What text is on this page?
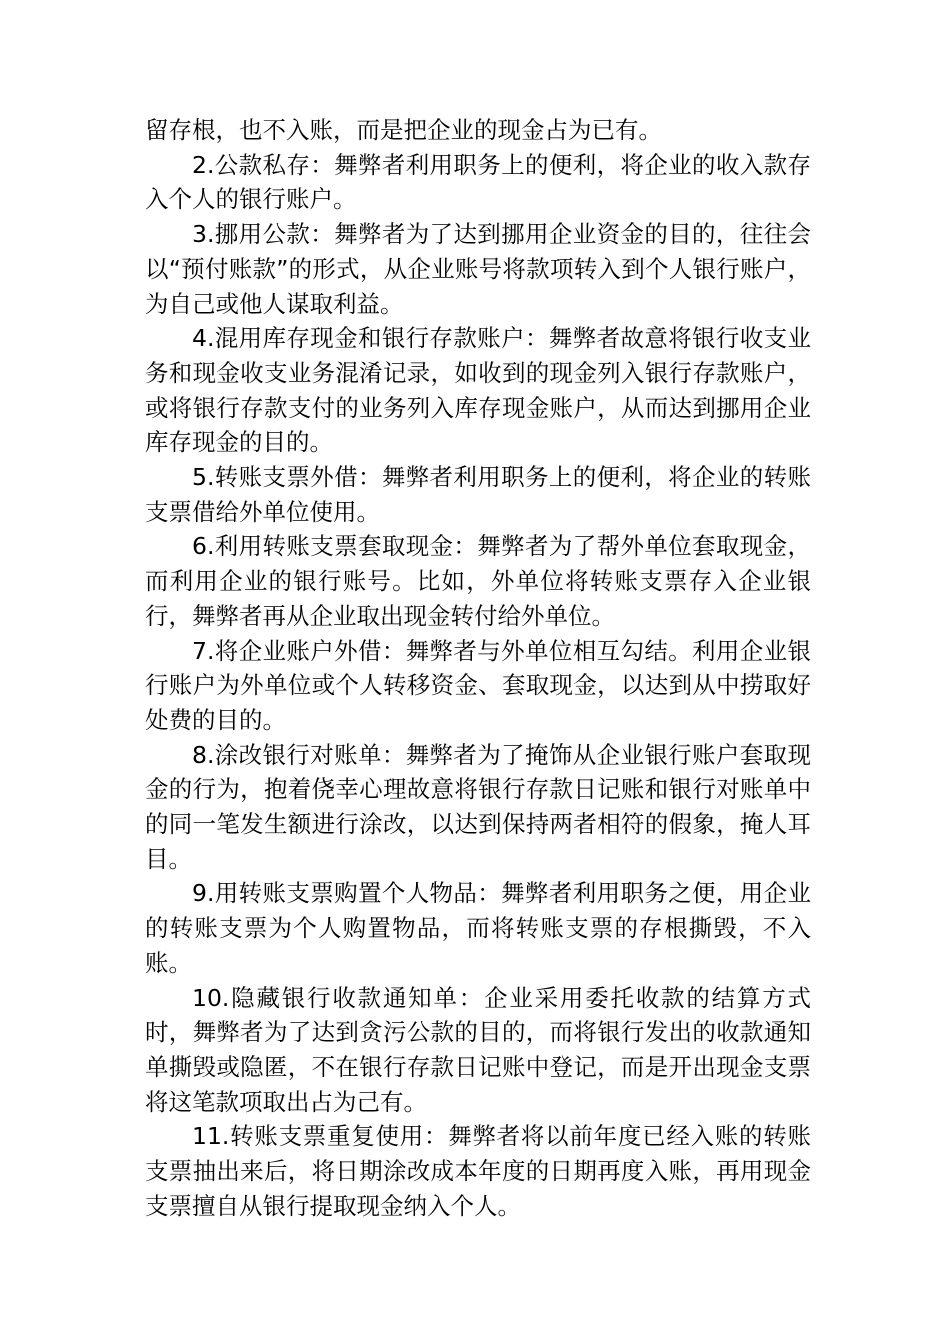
留存根，也不入账，而是把企业的现金占为已有。

2.公款私存：舞弊者利用职务上的便利，将企业的收入款存入个人的银行账户。

3.挪用公款：舞弊者为了达到挪用企业资金的目的，往往会以“预付账款”的形式，从企业账号将款项转入到个人银行账户，为自己或他人谋取利益。

4.混用库存现金和银行存款账户：舞弊者故意将银行收支业务和现金收支业务混淆记录，如收到的现金列入银行存款账户，或将银行存款支付的业务列入库存现金账户，从而达到挪用企业库存现金的目的。

5.转账支票外借：舞弊者利用职务上的便利，将企业的转账支票借给外单位使用。

6.利用转账支票套取现金：舞弊者为了帮外单位套取现金，而利用企业的银行账号。比如，外单位将转账支票存入企业银行，舞弊者再从企业取出现金转付给外单位。

7.将企业账户外借：舞弊者与外单位相互勾结。利用企业银行账户为外单位或个人转移资金、套取现金，以达到从中捞取好处费的目的。

8.涂改银行对账单：舞弊者为了掩饰从企业银行账户套取现金的行为，抱着侥幸心理故意将银行存款日记账和银行对账单中的同一笔发生额进行涂改，以达到保持两者相符的假象，掩人耳目。

9.用转账支票购置个人物品：舞弊者利用职务之便，用企业的转账支票为个人购置物品，而将转账支票的存根撕毁，不入账。

10.隐藏银行收款通知单：企业采用委托收款的结算方式时，舞弊者为了达到贪污公款的目的，而将银行发出的收款通知单撕毁或隐匿，不在银行存款日记账中登记，而是开出现金支票将这笔款项取出占为己有。

11.转账支票重复使用：舞弊者将以前年度已经入账的转账支票抽出来后，将日期涂改成本年度的日期再度入账，再用现金支票擅自从银行提取现金纳入个人。
